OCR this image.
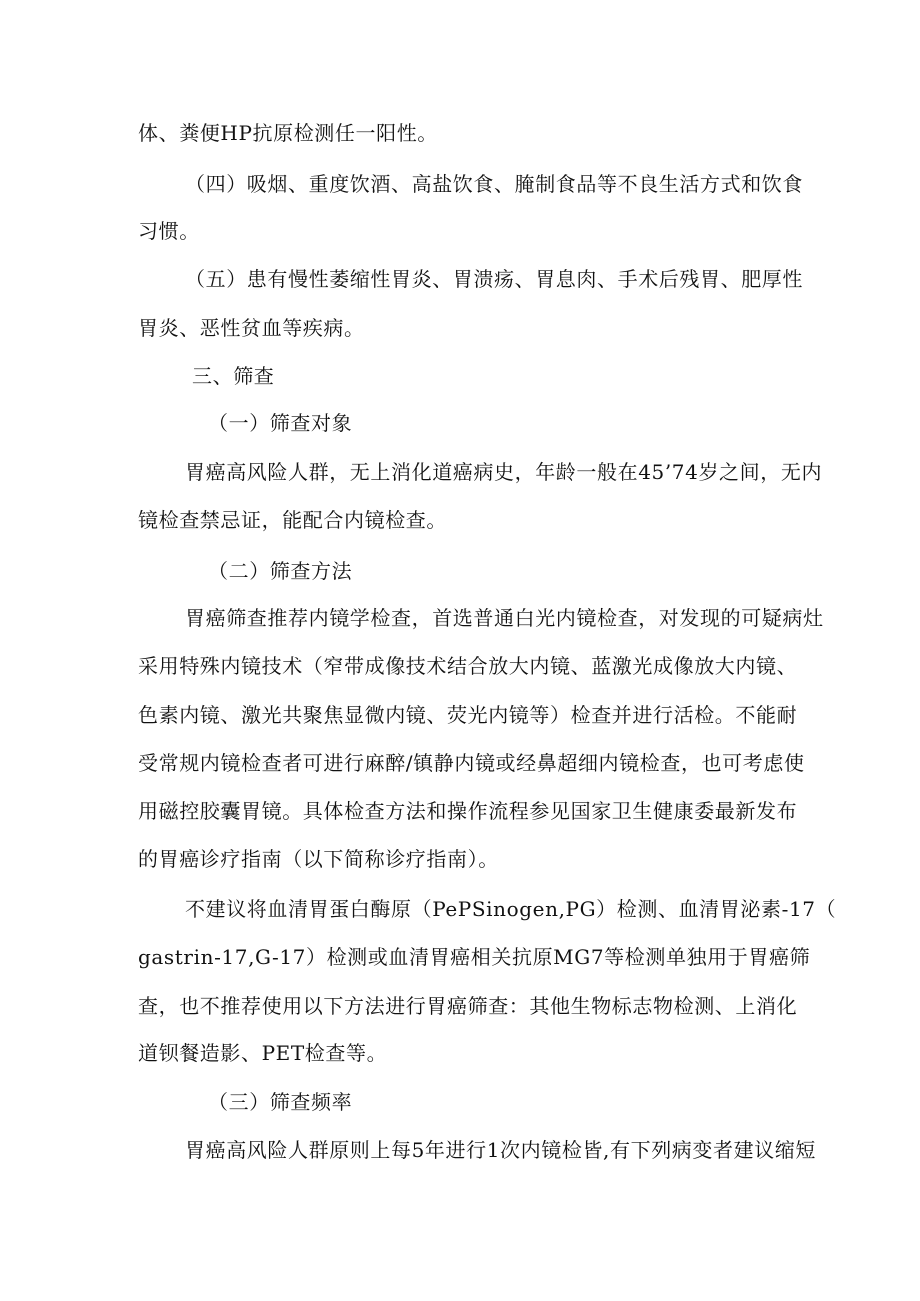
体、粪便HP抗原检测任一阳性。
（四）吸烟、重度饮酒、高盐饮食、腌制食品等不良生活方式和饮食
习惯。
（五）患有慢性萎缩性胃炎、胃溃疡、胃息肉、手术后残胃、肥厚性
胃炎、恶性贫血等疾病。
三、筛查
（一）筛查对象
胃癌高风险人群，无上消化道癌病史，年龄一般在45’74岁之间，无内
镜检查禁忌证，能配合内镜检查。
（二）筛查方法
胃癌筛查推荐内镜学检查，首选普通白光内镜检查，对发现的可疑病灶
采用特殊内镜技术（窄带成像技术结合放大内镜、蓝激光成像放大内镜、
色素内镜、激光共聚焦显微内镜、荧光内镜等）检查并进行活检。不能耐
受常规内镜检查者可进行麻醉/镇静内镜或经鼻超细内镜检查，也可考虑使
用磁控胶囊胃镜。具体检查方法和操作流程参见国家卫生健康委最新发布
的胃癌诊疗指南（以下简称诊疗指南）。
不建议将血清胃蛋白酶原（PePSinogen,PG）检测、血清胃泌素-17（
gastrin-17,G-17）检测或血清胃癌相关抗原MG7等检测单独用于胃癌筛
查，也不推荐使用以下方法进行胃癌筛查：其他生物标志物检测、上消化
道钡餐造影、PET检查等。
（三）筛查频率
胃癌高风险人群原则上每5年进行1次内镜检皆,有下列病变者建议缩短
